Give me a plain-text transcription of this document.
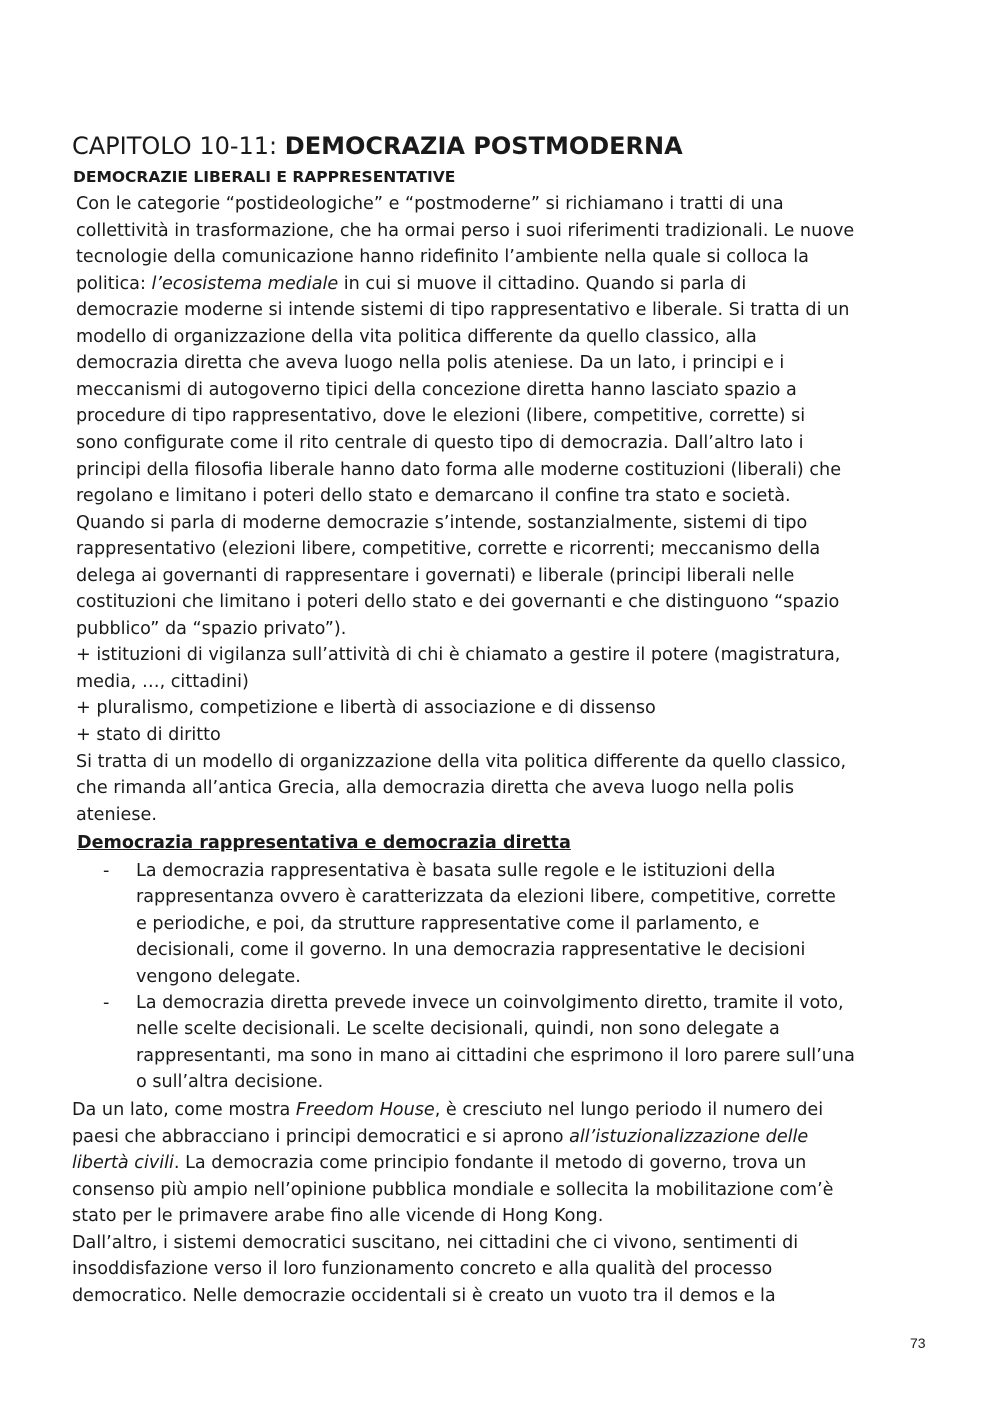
CAPITOLO 10-11: DEMOCRAZIA POSTMODERNA
DEMOCRAZIE LIBERALI E RAPPRESENTATIVE
Con le categorie “postideologiche” e “postmoderne” si richiamano i tratti di una
collettività in trasformazione, che ha ormai perso i suoi riferimenti tradizionali. Le nuove
tecnologie della comunicazione hanno ridefinito l’ambiente nella quale si colloca la
politica: l’ecosistema mediale in cui si muove il cittadino. Quando si parla di
democrazie moderne si intende sistemi di tipo rappresentativo e liberale. Si tratta di un
modello di organizzazione della vita politica differente da quello classico, alla
democrazia diretta che aveva luogo nella polis ateniese. Da un lato, i principi e i
meccanismi di autogoverno tipici della concezione diretta hanno lasciato spazio a
procedure di tipo rappresentativo, dove le elezioni (libere, competitive, corrette) si
sono configurate come il rito centrale di questo tipo di democrazia. Dall’altro lato i
principi della filosofia liberale hanno dato forma alle moderne costituzioni (liberali) che
regolano e limitano i poteri dello stato e demarcano il confine tra stato e società.
Quando si parla di moderne democrazie s’intende, sostanzialmente, sistemi di tipo
rappresentativo (elezioni libere, competitive, corrette e ricorrenti; meccanismo della
delega ai governanti di rappresentare i governati) e liberale (principi liberali nelle
costituzioni che limitano i poteri dello stato e dei governanti e che distinguono “spazio
pubblico” da “spazio privato”).
+ istituzioni di vigilanza sull’attività di chi è chiamato a gestire il potere (magistratura,
media, …, cittadini)
+ pluralismo, competizione e libertà di associazione e di dissenso
+ stato di diritto
Si tratta di un modello di organizzazione della vita politica differente da quello classico,
che rimanda all’antica Grecia, alla democrazia diretta che aveva luogo nella polis
ateniese.
Democrazia rappresentativa e democrazia diretta
- La democrazia rappresentativa è basata sulle regole e le istituzioni della
rappresentanza ovvero è caratterizzata da elezioni libere, competitive, corrette
e periodiche, e poi, da strutture rappresentative come il parlamento, e
decisionali, come il governo. In una democrazia rappresentative le decisioni
vengono delegate.
- La democrazia diretta prevede invece un coinvolgimento diretto, tramite il voto,
nelle scelte decisionali. Le scelte decisionali, quindi, non sono delegate a
rappresentanti, ma sono in mano ai cittadini che esprimono il loro parere sull’una
o sull’altra decisione.
Da un lato, come mostra Freedom House, è cresciuto nel lungo periodo il numero dei
paesi che abbracciano i principi democratici e si aprono all’istuzionalizzazione delle
libertà civili. La democrazia come principio fondante il metodo di governo, trova un
consenso più ampio nell’opinione pubblica mondiale e sollecita la mobilitazione com’è
stato per le primavere arabe fino alle vicende di Hong Kong.
Dall’altro, i sistemi democratici suscitano, nei cittadini che ci vivono, sentimenti di
insoddisfazione verso il loro funzionamento concreto e alla qualità del processo
democratico. Nelle democrazie occidentali si è creato un vuoto tra il demos e la
73
